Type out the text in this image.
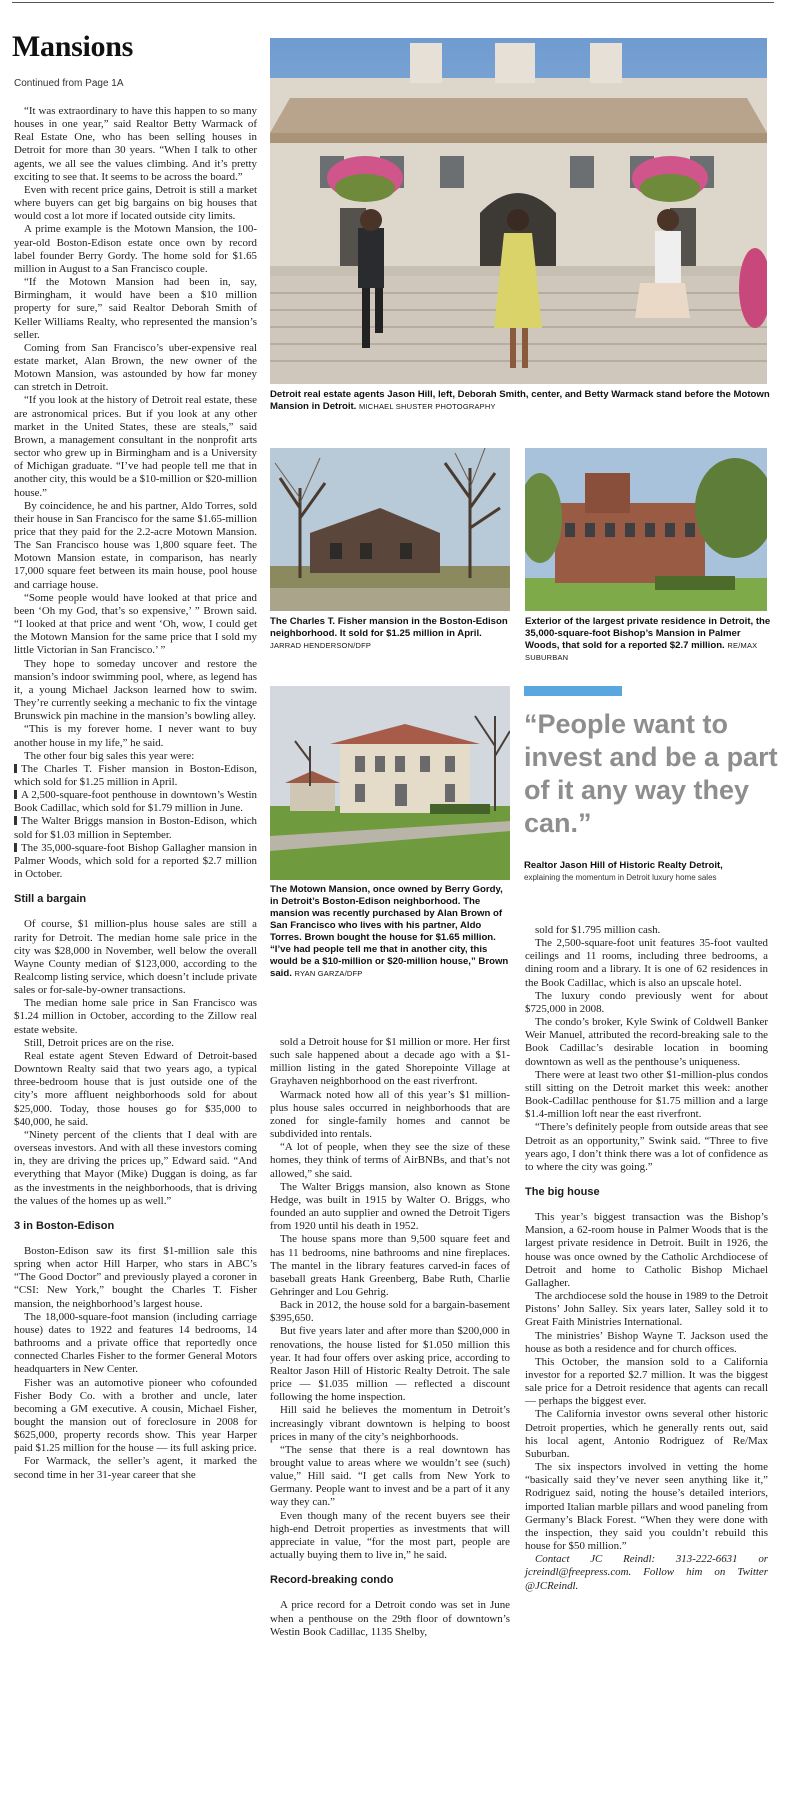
Mansions
Continued from Page 1A

“It was extraordinary to have this happen to so many houses in one year,” said Realtor Betty Warmack of Real Estate One, who has been selling houses in Detroit for more than 30 years. “When I talk to other agents, we all see the values climbing. And it’s pretty exciting to see that. It seems to be across the board.”

Even with recent price gains, Detroit is still a market where buyers can get big bargains on big houses that would cost a lot more if located outside city limits.

A prime example is the Motown Mansion, the 100-year-old Boston-Edison estate once own by record label founder Berry Gordy. The home sold for $1.65 million in August to a San Francisco couple.

“If the Motown Mansion had been in, say, Birmingham, it would have been a $10 million property for sure,” said Realtor Deborah Smith of Keller Williams Realty, who represented the mansion’s seller.

Coming from San Francisco’s uber-expensive real estate market, Alan Brown, the new owner of the Motown Mansion, was astounded by how far money can stretch in Detroit.

“If you look at the history of Detroit real estate, these are astronomical prices. But if you look at any other market in the United States, these are steals,” said Brown, a management consultant in the nonprofit arts sector who grew up in Birmingham and is a University of Michigan graduate. “I’ve had people tell me that in another city, this would be a $10-million or $20-million house.”

By coincidence, he and his partner, Aldo Torres, sold their house in San Francisco for the same $1.65-million price that they paid for the 2.2-acre Motown Mansion. The San Francisco house was 1,800 square feet. The Motown Mansion estate, in comparison, has nearly 17,000 square feet between its main house, pool house and carriage house.

“Some people would have looked at that price and been ‘Oh my God, that’s so expensive,’ ” Brown said. “I looked at that price and went ‘Oh, wow, I could get the Motown Mansion for the same price that I sold my little Victorian in San Francisco.’ ”

They hope to someday uncover and restore the mansion’s indoor swimming pool, where, as legend has it, a young Michael Jackson learned how to swim. They’re currently seeking a mechanic to fix the vintage Brunswick pin machine in the mansion’s bowling alley.

“This is my forever home. I never want to buy another house in my life,” he said.

The other four big sales this year were:

The Charles T. Fisher mansion in Boston-Edison, which sold for $1.25 million in April.

A 2,500-square-foot penthouse in downtown’s Westin Book Cadillac, which sold for $1.79 million in June.

The Walter Briggs mansion in Boston-Edison, which sold for $1.03 million in September.

The 35,000-square-foot Bishop Gallagher mansion in Palmer Woods, which sold for a reported $2.7 million in October.

Still a bargain

Of course, $1 million-plus house sales are still a rarity for Detroit. The median home sale price in the city was $28,000 in November, well below the overall Wayne County median of $123,000, according to the Realcomp listing service, which doesn’t include private sales or for-sale-by-owner transactions.

The median home sale price in San Francisco was $1.24 million in October, according to the Zillow real estate website.

Still, Detroit prices are on the rise.

Real estate agent Steven Edward of Detroit-based Downtown Realty said that two years ago, a typical three-bedroom house that is just outside one of the city’s more affluent neighborhoods sold for about $25,000. Today, those houses go for $35,000 to $40,000, he said.

“Ninety percent of the clients that I deal with are overseas investors. And with all these investors coming in, they are driving the prices up,” Edward said. “And everything that Mayor (Mike) Duggan is doing, as far as the investments in the neighborhoods, that is driving the values of the homes up as well.”

3 in Boston-Edison

Boston-Edison saw its first $1-million sale this spring when actor Hill Harper, who stars in ABC’s “The Good Doctor” and previously played a coroner in “CSI: New York,” bought the Charles T. Fisher mansion, the neighborhood’s largest house.

The 18,000-square-foot mansion (including carriage house) dates to 1922 and features 14 bedrooms, 14 bathrooms and a private office that reportedly once connected Charles Fisher to the former General Motors headquarters in New Center.

Fisher was an automotive pioneer who cofounded Fisher Body Co. with a brother and uncle, later becoming a GM executive. A cousin, Michael Fisher, bought the mansion out of foreclosure in 2008 for $625,000, property records show. This year Harper paid $1.25 million for the house — its full asking price.

For Warmack, the seller’s agent, it marked the second time in her 31-year career that she

Detroit real estate agents Jason Hill, left, Deborah Smith, center, and Betty Warmack stand before the Motown Mansion in Detroit. MICHAEL SHUSTER PHOTOGRAPHY
The Charles T. Fisher mansion in the Boston-Edison neighborhood. It sold for $1.25 million in April. JARRAD HENDERSON/DFP
Exterior of the largest private residence in Detroit, the 35,000-square-foot Bishop’s Mansion in Palmer Woods, that sold for a reported $2.7 million. RE/MAX SUBURBAN
The Motown Mansion, once owned by Berry Gordy, in Detroit’s Boston-Edison neighborhood. The mansion was recently purchased by Alan Brown of San Francisco who lives with his partner, Aldo Torres. Brown bought the house for $1.65 million. “I’ve had people tell me that in another city, this would be a $10-million or $20-million house,” Brown said. RYAN GARZA/DFP
“People want to invest and be a part of it any way they can.”
Realtor Jason Hill of Historic Realty Detroit,
explaining the momentum in Detroit luxury home sales

sold a Detroit house for $1 million or more. Her first such sale happened about a decade ago with a $1-million listing in the gated Shorepointe Village at Grayhaven neighborhood on the east riverfront.

Warmack noted how all of this year’s $1 million-plus house sales occurred in neighborhoods that are zoned for single-family homes and cannot be subdivided into rentals.

“A lot of people, when they see the size of these homes, they think of terms of AirBNBs, and that’s not allowed,” she said.

The Walter Briggs mansion, also known as Stone Hedge, was built in 1915 by Walter O. Briggs, who founded an auto supplier and owned the Detroit Tigers from 1920 until his death in 1952.

The house spans more than 9,500 square feet and has 11 bedrooms, nine bathrooms and nine fireplaces. The mantel in the library features carved-in faces of baseball greats Hank Greenberg, Babe Ruth, Charlie Gehringer and Lou Gehrig.

Back in 2012, the house sold for a bargain-basement $395,650.

But five years later and after more than $200,000 in renovations, the house listed for $1.050 million this year. It had four offers over asking price, according to Realtor Jason Hill of Historic Realty Detroit. The sale price — $1.035 million — reflected a discount following the home inspection.

Hill said he believes the momentum in Detroit’s increasingly vibrant downtown is helping to boost prices in many of the city’s neighborhoods.

“The sense that there is a real downtown has brought value to areas where we wouldn’t see (such) value,” Hill said. “I get calls from New York to Germany. People want to invest and be a part of it any way they can.”

Even though many of the recent buyers see their high-end Detroit properties as investments that will appreciate in value, “for the most part, people are actually buying them to live in,” he said.

Record-breaking condo

A price record for a Detroit condo was set in June when a penthouse on the 29th floor of downtown’s Westin Book Cadillac, 1135 Shelby,

sold for $1.795 million cash.

The 2,500-square-foot unit features 35-foot vaulted ceilings and 11 rooms, including three bedrooms, a dining room and a library. It is one of 62 residences in the Book Cadillac, which is also an upscale hotel.

The luxury condo previously went for about $725,000 in 2008.

The condo’s broker, Kyle Swink of Coldwell Banker Weir Manuel, attributed the record-breaking sale to the Book Cadillac’s desirable location in booming downtown as well as the penthouse’s uniqueness.

There were at least two other $1-million-plus condos still sitting on the Detroit market this week: another Book-Cadillac penthouse for $1.75 million and a large $1.4-million loft near the east riverfront.

“There’s definitely people from outside areas that see Detroit as an opportunity,” Swink said. “Three to five years ago, I don’t think there was a lot of confidence as to where the city was going.”

The big house

This year’s biggest transaction was the Bishop’s Mansion, a 62-room house in Palmer Woods that is the largest private residence in Detroit. Built in 1926, the house was once owned by the Catholic Archdiocese of Detroit and home to Catholic Bishop Michael Gallagher.

The archdiocese sold the house in 1989 to the Detroit Pistons’ John Salley. Six years later, Salley sold it to Great Faith Ministries International.

The ministries’ Bishop Wayne T. Jackson used the house as both a residence and for church offices.

This October, the mansion sold to a California investor for a reported $2.7 million. It was the biggest sale price for a Detroit residence that agents can recall — perhaps the biggest ever.

The California investor owns several other historic Detroit properties, which he generally rents out, said his local agent, Antonio Rodriguez of Re/Max Suburban.

The six inspectors involved in vetting the home “basically said they’ve never seen anything like it,” Rodriguez said, noting the house’s detailed interiors, imported Italian marble pillars and wood paneling from Germany’s Black Forest. “When they were done with the inspection, they said you couldn’t rebuild this house for $50 million.”

Contact JC Reindl: 313-222-6631 or jcreindl@freepress.com. Follow him on Twitter @JCReindl.
